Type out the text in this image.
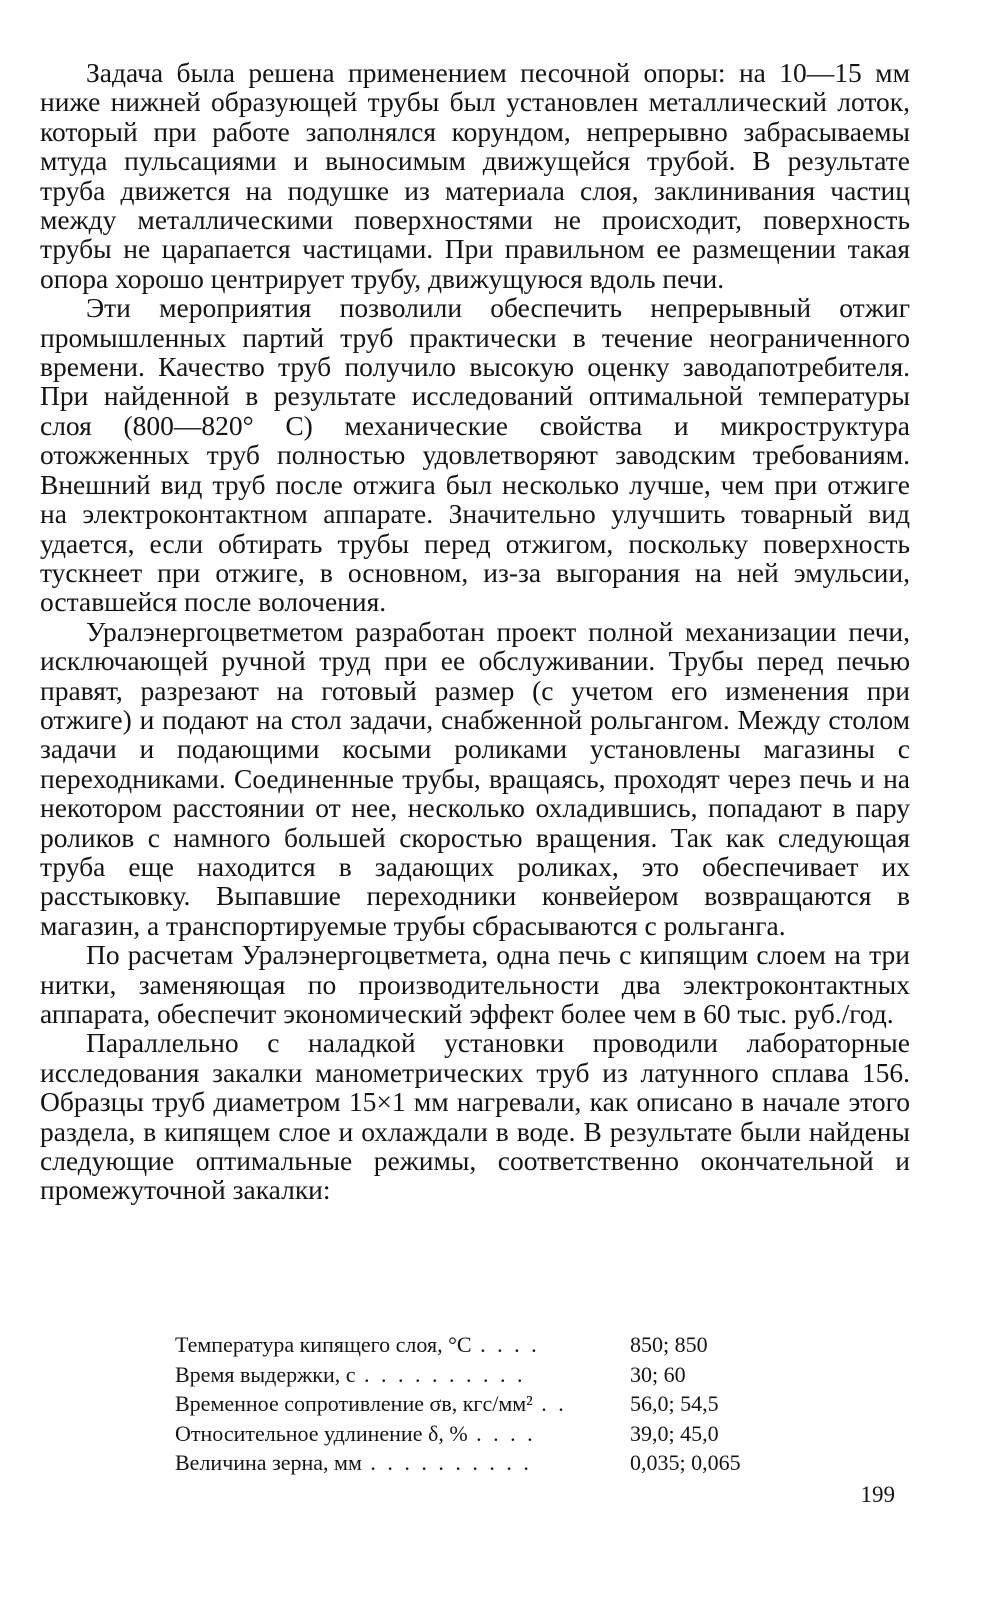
Задача была решена применением песочной опоры: на 10—15 мм ниже нижней образующей трубы был установлен металлический лоток, который при работе заполнялся корундом, непрерывно забрасываемы мтуда пульсациями и выносимым движущейся трубой. В результате труба движется на подушке из материала слоя, заклинивания частиц между металлическими поверхностями не происходит, поверхность трубы не царапается частицами. При правильном ее размещении такая опора хорошо центрирует трубу, движущуюся вдоль печи.

Эти мероприятия позволили обеспечить непрерывный отжиг промышленных партий труб практически в течение неограниченного времени. Качество труб получило высокую оценку заводапотребителя. При найденной в результате исследований оптимальной температуры слоя (800—820° С) механические свойства и микроструктура отожженных труб полностью удовлетворяют заводским требованиям. Внешний вид труб после отжига был несколько лучше, чем при отжиге на электроконтактном аппарате. Значительно улучшить товарный вид удается, если обтирать трубы перед отжигом, поскольку поверхность тускнеет при отжиге, в основном, из-за выгорания на ней эмульсии, оставшейся после волочения.

Уралэнергоцветметом разработан проект полной механизации печи, исключающей ручной труд при ее обслуживании. Трубы перед печью правят, разрезают на готовый размер (с учетом его изменения при отжиге) и подают на стол задачи, снабженной рольгангом. Между столом задачи и подающими косыми роликами установлены магазины с переходниками. Соединенные трубы, вращаясь, проходят через печь и на некотором расстоянии от нее, несколько охладившись, попадают в пару роликов с намного большей скоростью вращения. Так как следующая труба еще находится в задающих роликах, это обеспечивает их расстыковку. Выпавшие переходники конвейером возвращаются в магазин, а транспортируемые трубы сбрасываются с рольганга.

По расчетам Уралэнергоцветмета, одна печь с кипящим слоем на три нитки, заменяющая по производительности два электроконтактных аппарата, обеспечит экономический эффект более чем в 60 тыс. руб./год.

Параллельно с наладкой установки проводили лабораторные исследования закалки манометрических труб из латунного сплава 156. Образцы труб диаметром 15×1 мм нагревали, как описано в начале этого раздела, в кипящем слое и охлаждали в воде. В результате были найдены следующие оптимальные режимы, соответственно окончательной и промежуточной закалки:

Температура кипящего слоя, °С . . . .	850; 850
Время выдержки, с . . . . . . . . . .	30; 60
Временное сопротивление σв, кгс/мм² . .	56,0; 54,5
Относительное удлинение δ, % . . . .	39,0; 45,0
Величина зерна, мм . . . . . . . . . .	0,035; 0,065
199
